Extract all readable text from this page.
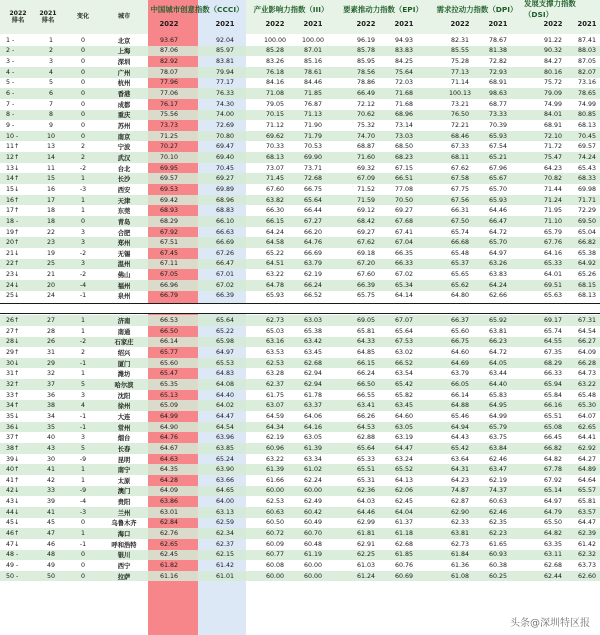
2022
排名
2021
排名
变化	城市
中国城市创意指数（CCCI）
2022	2021
产业影响力指数（III）
2022	2021
要素推动力指数（EPI）
2022	2021
需求拉动力指数（DPI）
2022	2021
发展支撑力指数（DSI）
2022	2021
1 -	1	0	北京	93.67	92.04	100.00	100.00	96.19	94.93	82.31	78.67	91.22	87.41
2 -	2	0	上海	87.06	85.97	85.28	87.01	85.78	83.83	85.55	81.38	90.32	88.03
3 -	3	0	深圳	82.92	83.81	83.26	85.16	85.95	84.25	75.28	72.82	84.27	87.05
4 -	4	0	广州	78.07	79.94	76.18	78.61	78.56	75.64	77.13	72.93	80.16	82.07
5 -	5	0	杭州	77.96	77.17	84.16	84.46	78.86	72.03	71.14	68.91	75.72	73.16
6 -	6	0	香港	77.06	76.33	71.08	71.85	66.49	71.68	100.13	98.63	79.09	78.65
7 -	7	0	成都	76.17	74.30	79.05	76.87	72.12	71.68	73.21	68.77	74.99	74.99
8 -	8	0	重庆	75.56	74.00	70.15	71.13	70.62	68.96	76.50	73.33	84.01	80.85
9 -	9	0	苏州	73.73	72.69	71.12	71.90	75.32	73.14	72.21	70.39	68.91	68.13
10 -	10	0	南京	71.25	70.80	69.62	71.79	74.70	73.03	68.46	65.93	72.10	70.45
11↑	13	2	宁波	70.27	69.47	70.33	70.53	68.87	68.50	67.33	67.54	71.72	69.57
12↑	14	2	武汉	70.10	69.40	68.13	69.90	71.60	68.23	68.11	65.21	75.47	74.24
13↓	11	-2	台北	69.95	70.45	73.07	73.71	69.32	67.15	67.62	67.96	64.23	65.43
14↑	15	1	长沙	69.57	69.27	71.45	72.68	67.09	66.51	67.58	65.67	70.82	68.33
15↓	16	-3	西安	69.53	69.89	67.60	66.75	71.52	77.08	67.75	65.70	71.44	69.98
16↑	17	1	天津	69.42	68.96	63.82	65.64	71.59	70.50	67.56	65.93	71.24	71.71
17↑	18	1	东莞	68.93	68.83	66.30	66.44	69.12	69.27	66.31	64.46	71.95	72.29
18 -	18	0	青岛	68.29	66.10	66.15	67.27	68.42	67.68	67.50	66.47	71.10	69.50
19↑	22	3	合肥	67.92	66.63	64.24	66.20	69.27	67.41	65.74	64.72	65.79	65.04
20↑	23	3	郑州	67.51	66.69	64.58	64.76	67.62	67.04	66.68	65.70	67.76	66.82
21↓	19	-2	无锡	67.45	67.26	65.22	66.69	69.18	66.35	65.48	64.97	64.16	65.38
22↑	25	3	温州	67.11	66.47	64.51	63.79	67.20	66.33	65.37	63.26	65.33	64.92
23↓	21	-2	佛山	67.05	67.01	63.22	62.19	67.60	67.02	65.65	63.83	64.01	65.26
24↓	20	-4	福州	66.96	67.02	64.78	66.24	66.39	65.34	65.62	64.24	69.51	68.15
25↓	24	-1	泉州	66.79	66.39	65.93	66.52	65.75	64.14	64.80	62.66	65.63	68.13
26↑	27	1	济南	66.53	65.64	62.73	63.03	69.05	67.07	66.37	65.92	69.17	67.31
27↑	28	1	南通	66.50	65.22	65.03	65.38	65.81	65.64	65.60	63.81	65.74	64.54
28↓	26	-2	石家庄	66.14	65.98	63.16	63.42	64.33	67.53	66.75	66.23	64.55	66.27
29↑	31	2	绍兴	65.77	64.97	63.53	63.45	64.85	63.02	64.60	64.72	67.35	64.09
30↓	29	-1	厦门	65.60	65.53	62.53	62.68	66.15	66.52	64.69	64.05	68.29	66.28
31↑	32	1	潍坊	65.47	64.83	63.28	62.94	66.24	63.54	63.79	63.44	66.33	64.73
32↑	37	5	哈尔滨	65.35	64.08	62.37	62.94	66.50	65.42	66.05	64.40	65.94	63.22
33↑	36	3	沈阳	65.13	64.40	61.75	61.78	66.55	65.82	66.14	65.83	65.84	65.48
34↑	38	4	徐州	65.09	64.02	63.07	63.37	63.41	63.45	64.88	64.95	66.16	65.30
35↓	34	-1	大连	64.99	64.47	64.59	64.06	66.26	64.60	65.46	64.99	65.51	64.07
36↓	35	-1	常州	64.90	64.54	64.34	64.16	64.53	63.05	64.94	65.79	65.08	62.65
37↑	40	3	烟台	64.76	63.96	62.19	63.05	62.88	63.19	64.43	63.75	66.45	64.41
38↑	43	5	长春	64.67	63.85	60.96	61.39	65.64	64.47	65.42	63.84	66.82	62.92
39↓	30	-9	昆明	64.63	65.24	63.22	63.34	65.33	63.24	63.64	62.46	64.82	64.27
40↑	41	1	南宁	64.35	63.90	61.39	61.02	65.51	65.52	64.31	63.47	67.78	64.89
41↑	42	1	太原	64.28	63.66	61.66	62.24	65.31	64.13	64.23	62.19	67.92	64.64
42↓	33	-9	澳门	64.09	64.65	60.00	60.00	62.36	62.06	74.87	74.37	65.14	65.57
43↓	39	-4	贵阳	63.86	64.00	62.53	62.49	64.03	62.45	62.87	60.63	64.97	65.81
44↓	41	-3	兰州	63.01	63.13	60.63	60.42	64.46	64.04	62.90	62.46	64.79	63.57
45↓	45	0	乌鲁木齐	62.84	62.59	60.50	60.49	62.99	61.37	62.33	62.35	65.50	64.47
46↑	47	1	海口	62.76	62.34	60.72	60.70	61.81	61.18	63.81	62.23	64.82	62.39
47↓	46	-1	呼和浩特	62.65	62.37	60.09	60.48	62.91	62.68	62.73	61.65	63.35	61.42
48 -	48	0	银川	62.45	62.15	60.77	61.19	62.25	61.85	61.84	60.93	63.11	62.32
49 -	49	0	西宁	61.82	61.42	60.08	60.00	61.03	60.76	61.36	60.38	62.68	63.73
50 -	50	0	拉萨	61.16	61.01	60.00	60.00	61.24	60.69	61.08	60.25	62.44	62.60
头条@深圳特区报
